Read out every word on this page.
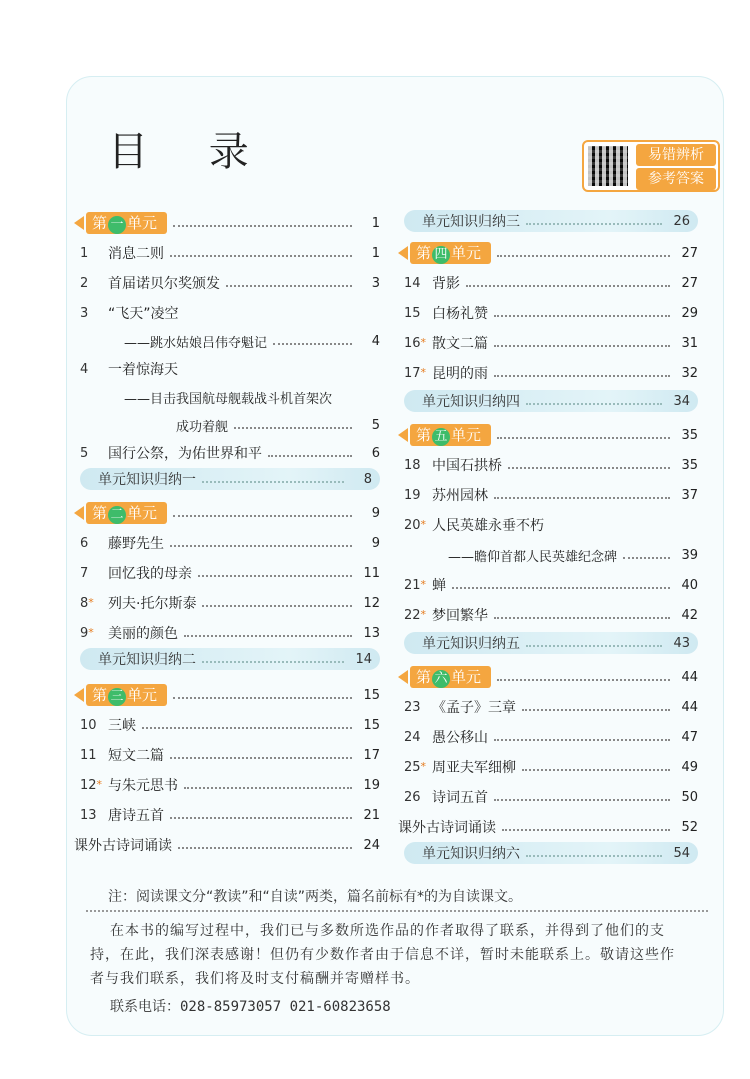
目 录	易错辨析
参考答案
第 一 单元	1
1	消息二则	1
2	首届诺贝尔奖颁发	3
3	“飞天”凌空
——跳水姑娘吕伟夺魁记	4
4	一着惊海天
——目击我国航母舰载战斗机首架次
成功着舰	5
5	国行公祭，为佑世界和平	6
单元知识归纳一	8
第 二 单元	9
6	藤野先生	9
7	回忆我的母亲	11
8*	列夫·托尔斯泰	12
9*	美丽的颜色	13
单元知识归纳二	14
第 三 单元	15
10 三峡	15
11 短文二篇	17
12* 与朱元思书	19
13 唐诗五首	21
课外古诗词诵读	24
单元知识归纳三	26
第 四 单元	27
14 背影	27
15 白杨礼赞	29
16* 散文二篇	31
17* 昆明的雨	32
单元知识归纳四	34
第 五 单元	35
18 中国石拱桥	35
19 苏州园林	37
20* 人民英雄永垂不朽
——瞻仰首都人民英雄纪念碑	39
21* 蝉	40
22* 梦回繁华	42
单元知识归纳五	43
第 六 单元	44
23 《孟子》三章	44
24 愚公移山	47
25* 周亚夫军细柳	49
26 诗词五首	50
课外古诗词诵读	52
单元知识归纳六	54
注：阅读课文分“教读”和“自读”两类，篇名前标有*的为自读课文。
在本书的编写过程中，我们已与多数所选作品的作者取得了联系，并得到了他们的支
持，在此，我们深表感谢！但仍有少数作者由于信息不详，暂时未能联系上。敬请这些作
者与我们联系，我们将及时支付稿酬并寄赠样书。
联系电话：028-85973057 021-60823658
